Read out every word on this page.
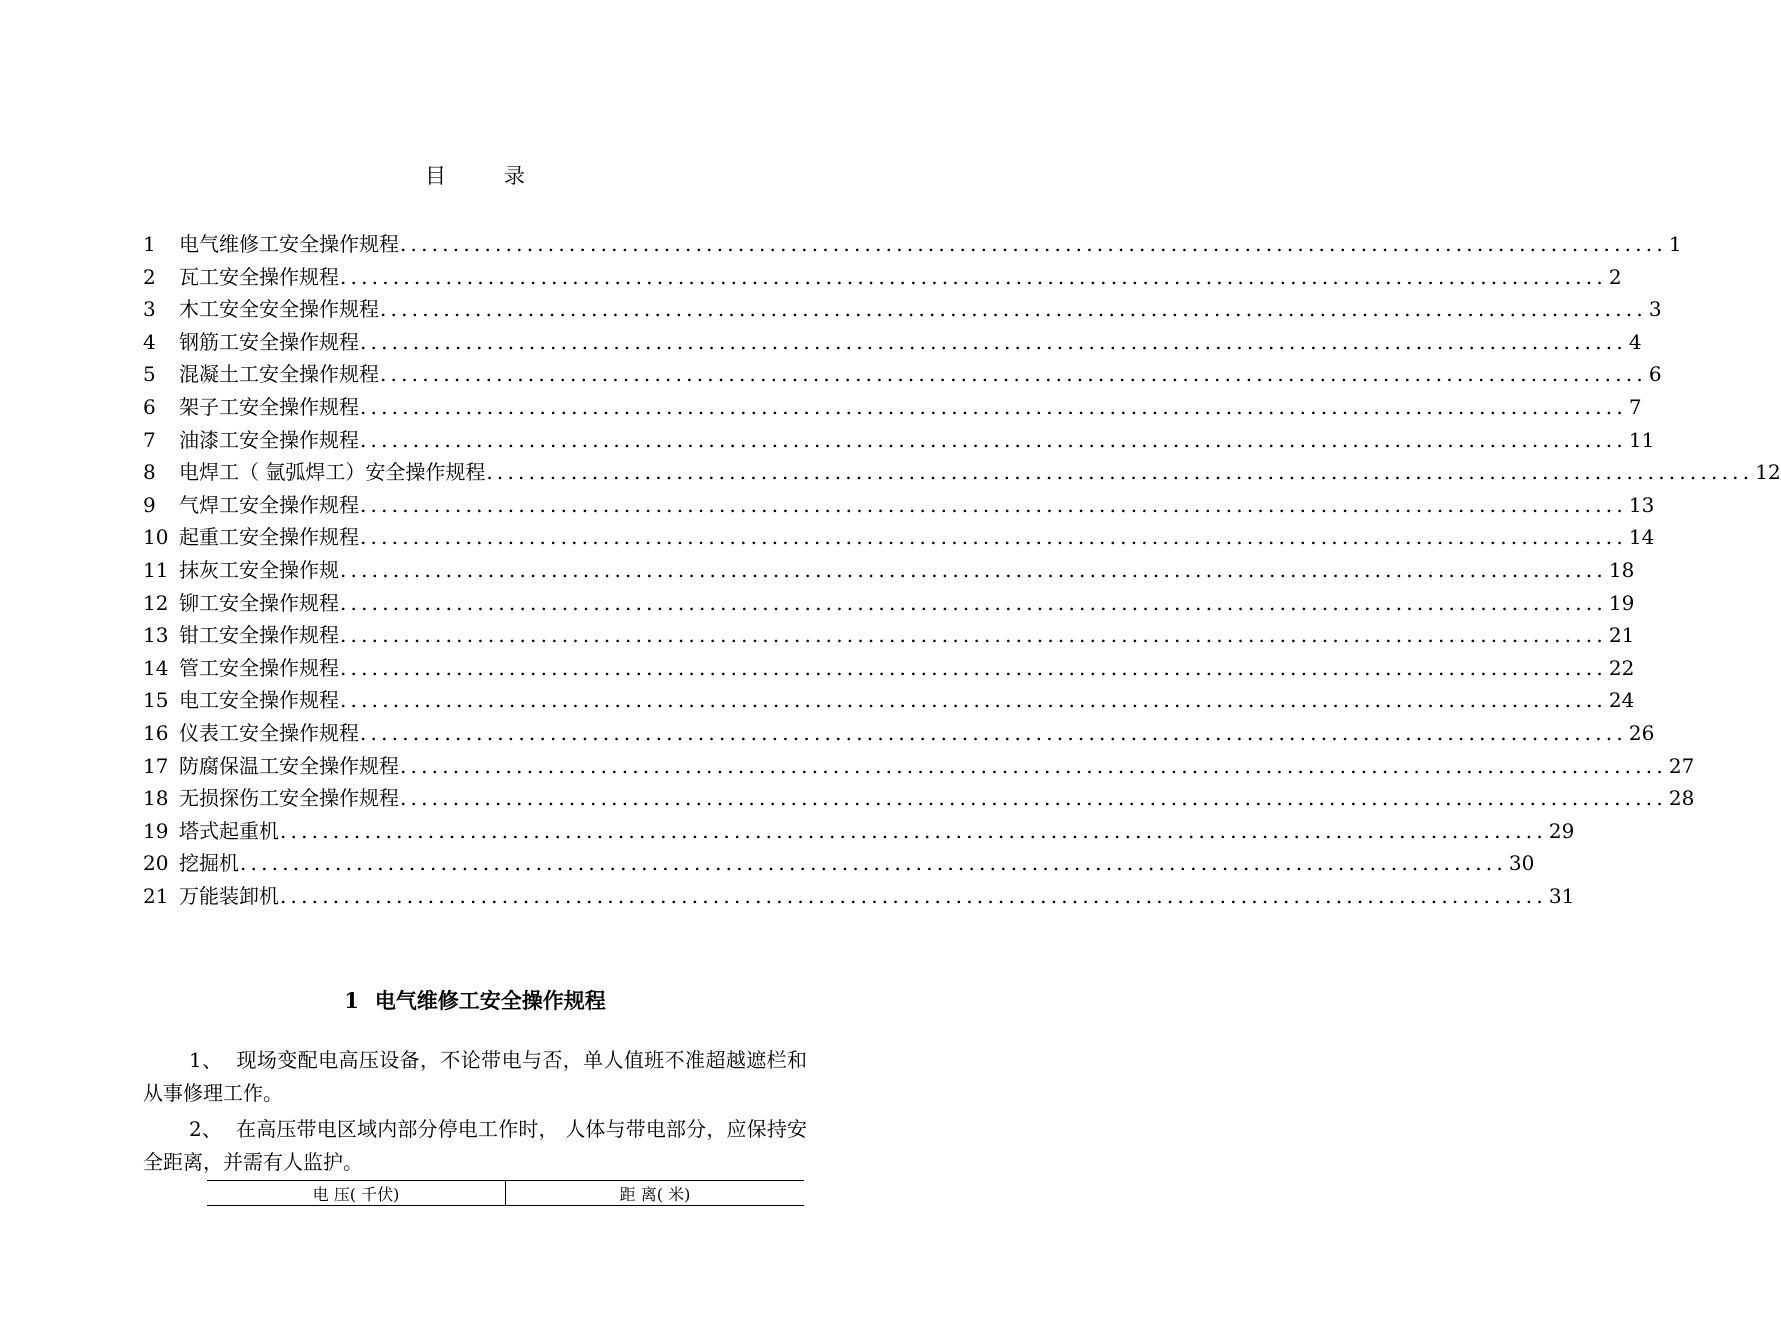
目	录
1	电气维修工安全操作规程 ........................................................................................................................ 1
2	瓦工安全操作规程 ........................................................................................................................ 2
3	木工安全安全操作规程 ........................................................................................................................ 3
4	钢筋工安全操作规程 ........................................................................................................................ 4
5	混凝土工安全操作规程 ........................................................................................................................ 6
6	架子工安全操作规程 ........................................................................................................................ 7
7	油漆工安全操作规程 ........................................................................................................................ 11
8	电焊工（ 氩弧焊工）安全操作规程 ........................................................................................................................ 12
9	气焊工安全操作规程 ........................................................................................................................ 13
10 起重工安全操作规程 ........................................................................................................................ 14
11 抹灰工安全操作规 ........................................................................................................................ 18
12 铆工安全操作规程 ........................................................................................................................ 19
13 钳工安全操作规程 ........................................................................................................................ 21
14 管工安全操作规程 ........................................................................................................................ 22
15 电工安全操作规程 ........................................................................................................................ 24
16 仪表工安全操作规程 ........................................................................................................................ 26
17 防腐保温工安全操作规程 ........................................................................................................................ 27
18 无损探伤工安全操作规程 ........................................................................................................................ 28
19 塔式起重机 ........................................................................................................................ 29
20 挖掘机 ........................................................................................................................ 30
21 万能装卸机 ........................................................................................................................ 31
1 电气维修工安全操作规程
1、 现场变配电高压设备，不论带电与否，单人值班不准超越遮栏和从事修理工作。
2、 在高压带电区域内部分停电工作时， 人体与带电部分，应保持安全距离，并需有人监护。
电 压( 千伏)	距 离( 米)
